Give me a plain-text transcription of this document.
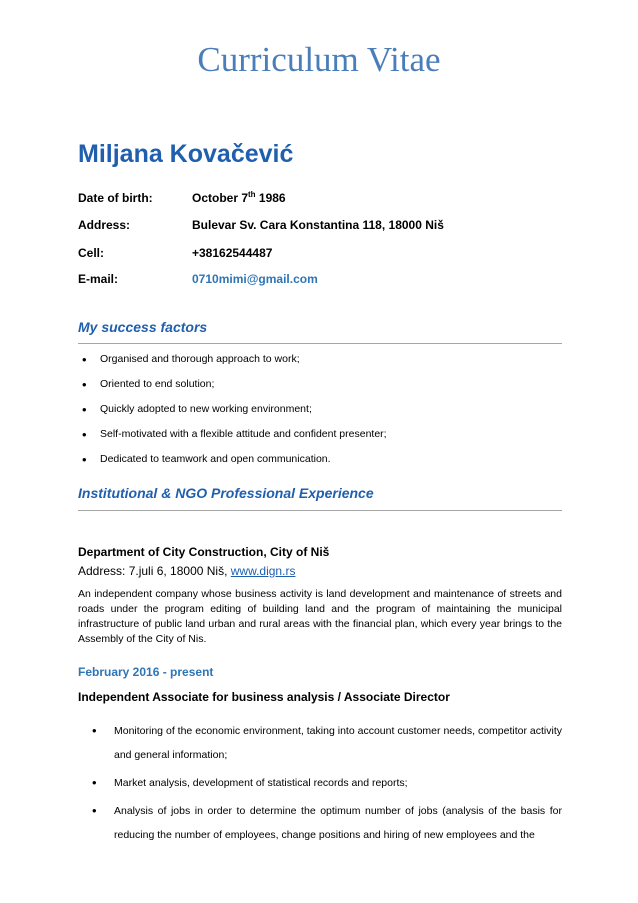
Curriculum Vitae
Miljana Kovačević
Date of birth:	October 7th 1986
Address:	Bulevar Sv. Cara Konstantina 118, 18000 Niš
Cell:	+38162544487
E-mail:	0710mimi@gmail.com
My success factors
• Organised and thorough approach to work;
• Oriented to end solution;
• Quickly adopted to new working environment;
• Self-motivated with a flexible attitude and confident presenter;
• Dedicated to teamwork and open communication.
Institutional & NGO Professional Experience
Department of City Construction, City of Niš
Address: 7.juli 6, 18000 Niš, www.dign.rs
An independent company whose business activity is land development and maintenance of streets and roads under the program editing of building land and the program of maintaining the municipal infrastructure of public land urban and rural areas with the financial plan, which every year brings to the Assembly of the City of Nis.
February 2016 - present
Independent Associate for business analysis / Associate Director
• Monitoring of the economic environment, taking into account customer needs, competitor activity and general information;
• Market analysis, development of statistical records and reports;
• Analysis of jobs in order to determine the optimum number of jobs (analysis of the basis for reducing the number of employees, change positions and hiring of new employees and the
